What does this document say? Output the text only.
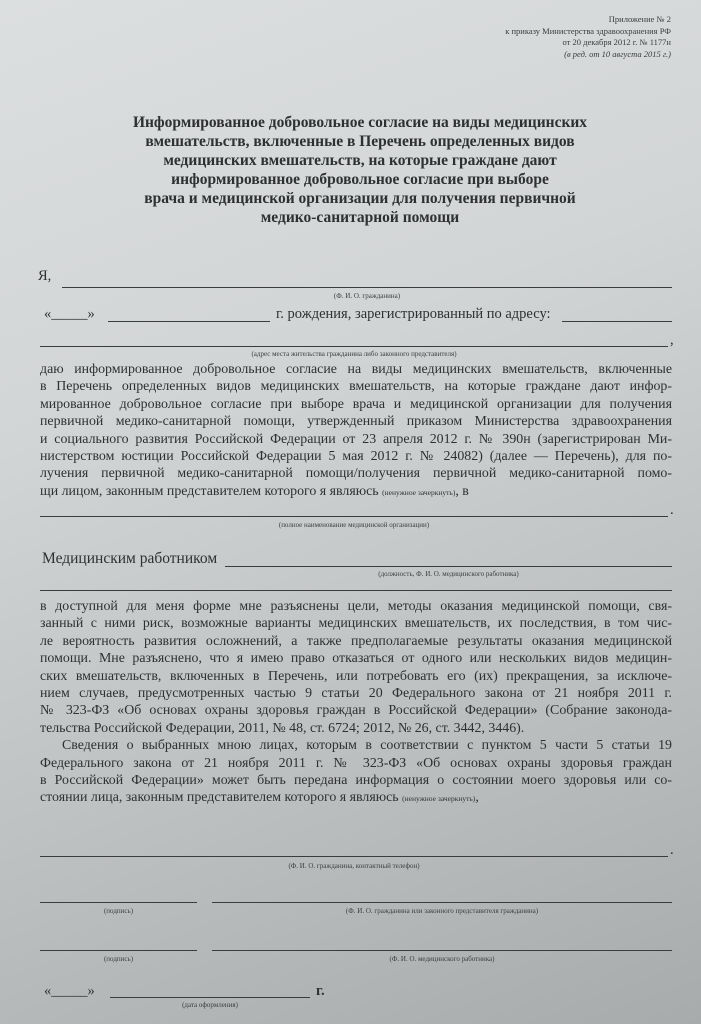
Приложение № 2
к приказу Министерства здравоохранения РФ
от 20 декабря 2012 г. № 1177н
(в ред. от 10 августа 2015 г.)
Информированное добровольное согласие на виды медицинских
вмешательств, включенные в Перечень определенных видов
медицинских вмешательств, на которые граждане дают
информированное добровольное согласие при выборе
врача и медицинской организации для получения первичной
медико-санитарной помощи
Я,
(Ф. И. О. гражданина)
«_____»	г. рождения, зарегистрированный по адресу:
,
(адрес места жительства гражданина либо законного представителя)
даю информированное добровольное согласие на виды медицинских вмешательств, включенные
в Перечень определенных видов медицинских вмешательств, на которые граждане дают инфор-
мированное добровольное согласие при выборе врача и медицинской организации для получения
первичной медико-санитарной помощи, утвержденный приказом Министерства здравоохранения
и социального развития Российской Федерации от 23 апреля 2012 г. № 390н (зарегистрирован Ми-
нистерством юстиции Российской Федерации 5 мая 2012 г. № 24082) (далее — Перечень), для по-
лучения первичной медико-санитарной помощи/получения первичной медико-санитарной помо-
щи лицом, законным представителем которого я являюсь (ненужное зачеркнуть), в
.
(полное наименование медицинской организации)
Медицинским работником
(должность, Ф. И. О. медицинского работника)
в доступной для меня форме мне разъяснены цели, методы оказания медицинской помощи, свя-
занный с ними риск, возможные варианты медицинских вмешательств, их последствия, в том чис-
ле вероятность развития осложнений, а также предполагаемые результаты оказания медицинской
помощи. Мне разъяснено, что я имею право отказаться от одного или нескольких видов медицин-
ских вмешательств, включенных в Перечень, или потребовать его (их) прекращения, за исключе-
нием случаев, предусмотренных частью 9 статьи 20 Федерального закона от 21 ноября 2011 г.
№ 323-ФЗ «Об основах охраны здоровья граждан в Российской Федерации» (Собрание законода-
тельства Российской Федерации, 2011, № 48, ст. 6724; 2012, № 26, ст. 3442, 3446).
Сведения о выбранных мною лицах, которым в соответствии с пунктом 5 части 5 статьи 19
Федерального закона от 21 ноября 2011 г. № 323-ФЗ «Об основах охраны здоровья граждан
в Российской Федерации» может быть передана информация о состоянии моего здоровья или со-
стоянии лица, законным представителем которого я являюсь (ненужное зачеркнуть),
.
(Ф. И. О. гражданина, контактный телефон)
(подпись)	(Ф. И. О. гражданина или законного представителя гражданина)
(подпись)	(Ф. И. О. медицинского работника)
«_____»	г.
(дата оформления)
